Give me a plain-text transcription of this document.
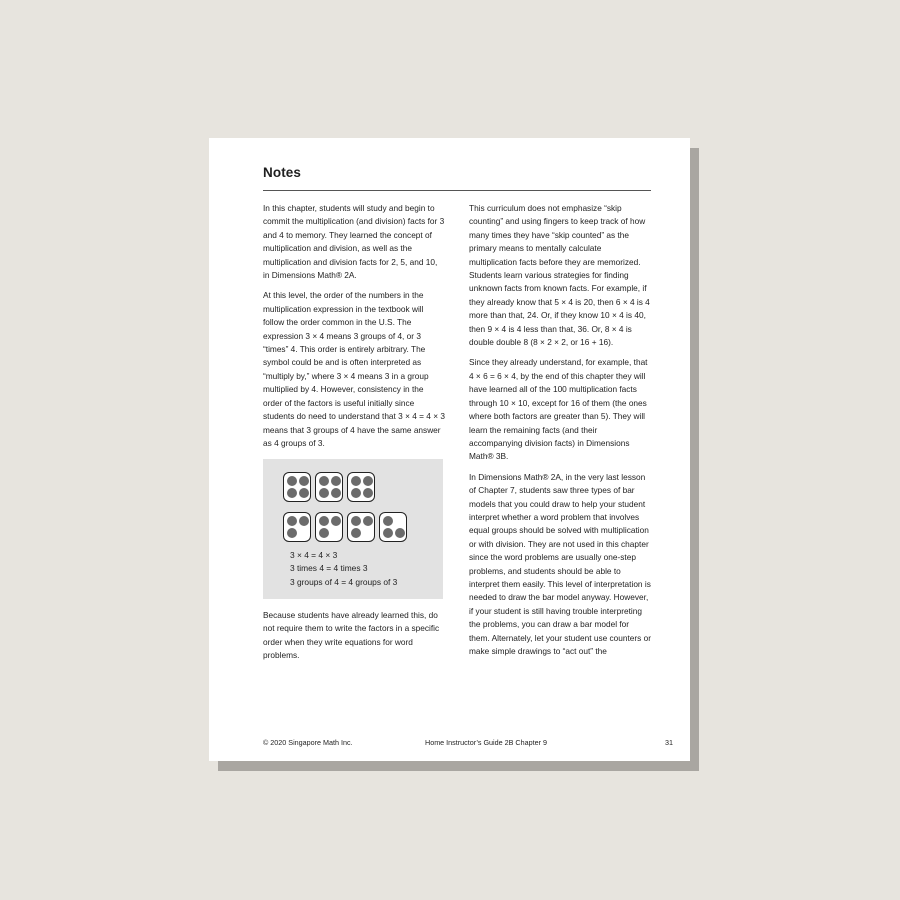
Notes

In this chapter, students will study and begin to commit the multiplication (and division) facts for 3 and 4 to memory. They learned the concept of multiplication and division, as well as the multiplication and division facts for 2, 5, and 10, in Dimensions Math® 2A.

At this level, the order of the numbers in the multiplication expression in the textbook will follow the order common in the U.S. The expression 3 × 4 means 3 groups of 4, or 3 “times” 4. This order is entirely arbitrary. The symbol could be and is often interpreted as “multiply by,” where 3 × 4 means 3 in a group multiplied by 4. However, consistency in the order of the factors is useful initially since students do need to understand that 3 × 4 = 4 × 3 means that 3 groups of 4 have the same answer as 4 groups of 3.

3 × 4 = 4 × 3
3 times 4 = 4 times 3
3 groups of 4 = 4 groups of 3

Because students have already learned this, do not require them to write the factors in a specific order when they write equations for word problems.

This curriculum does not emphasize “skip counting” and using fingers to keep track of how many times they have “skip counted” as the primary means to mentally calculate multiplication facts before they are memorized. Students learn various strategies for finding unknown facts from known facts. For example, if they already know that 5 × 4 is 20, then 6 × 4 is 4 more than that, 24. Or, if they know 10 × 4 is 40, then 9 × 4 is 4 less than that, 36. Or, 8 × 4 is double double 8 (8 × 2 × 2, or 16 + 16).

Since they already understand, for example, that 4 × 6 = 6 × 4, by the end of this chapter they will have learned all of the 100 multiplication facts through 10 × 10, except for 16 of them (the ones where both factors are greater than 5). They will learn the remaining facts (and their accompanying division facts) in Dimensions Math® 3B.

In Dimensions Math® 2A, in the very last lesson of Chapter 7, students saw three types of bar models that you could draw to help your student interpret whether a word problem that involves equal groups should be solved with multiplication or with division. They are not used in this chapter since the word problems are usually one-step problems, and students should be able to interpret them easily. This level of interpretation is needed to draw the bar model anyway. However, if your student is still having trouble interpreting the problems, you can draw a bar model for them. Alternately, let your student use counters or make simple drawings to “act out” the

© 2020 Singapore Math Inc.	Home Instructor’s Guide 2B Chapter 9	31
